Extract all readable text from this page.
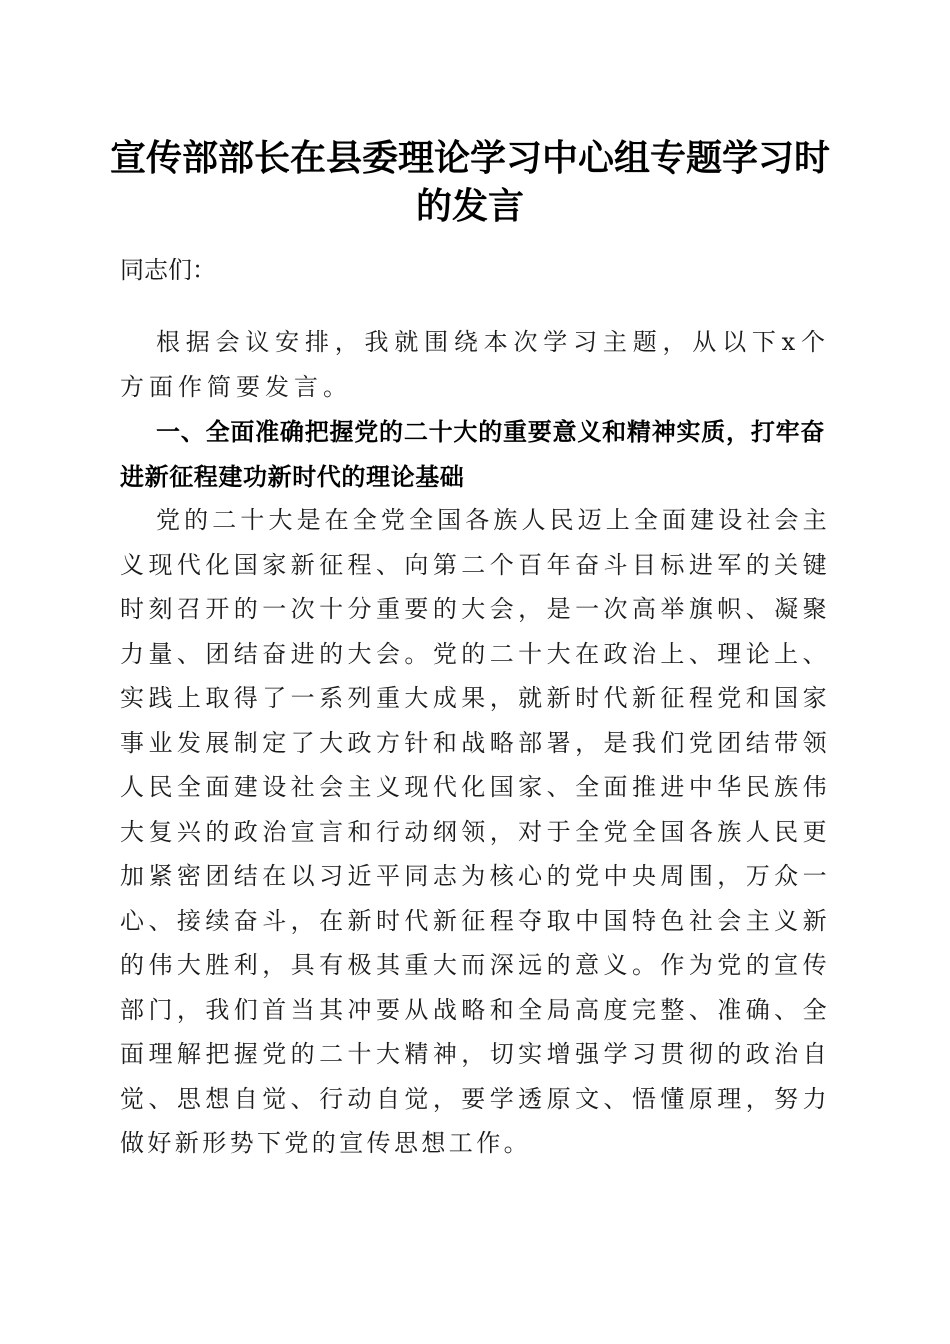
宣传部部长在县委理论学习中心组专题学习时的发言

同志们：

根据会议安排，我就围绕本次学习主题，从以下x个方面作简要发言。

一、全面准确把握党的二十大的重要意义和精神实质，打牢奋进新征程建功新时代的理论基础

党的二十大是在全党全国各族人民迈上全面建设社会主义现代化国家新征程、向第二个百年奋斗目标进军的关键时刻召开的一次十分重要的大会，是一次高举旗帜、凝聚力量、团结奋进的大会。党的二十大在政治上、理论上、实践上取得了一系列重大成果，就新时代新征程党和国家事业发展制定了大政方针和战略部署，是我们党团结带领人民全面建设社会主义现代化国家、全面推进中华民族伟大复兴的政治宣言和行动纲领，对于全党全国各族人民更加紧密团结在以习近平同志为核心的党中央周围，万众一心、接续奋斗，在新时代新征程夺取中国特色社会主义新的伟大胜利，具有极其重大而深远的意义。作为党的宣传部门，我们首当其冲要从战略和全局高度完整、准确、全面理解把握党的二十大精神，切实增强学习贯彻的政治自觉、思想自觉、行动自觉，要学透原文、悟懂原理，努力做好新形势下党的宣传思想工作。
